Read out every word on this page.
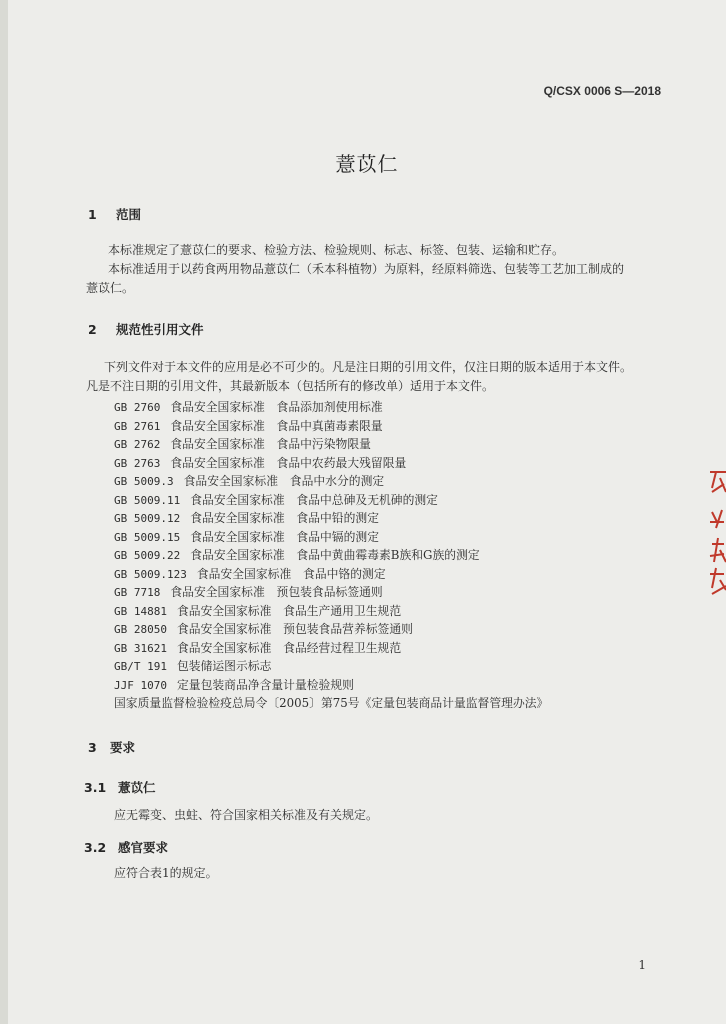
Q/CSX 0006 S—2018
薏苡仁
1 范围
本标准规定了薏苡仁的要求、检验方法、检验规则、标志、标签、包装、运输和贮存。
本标准适用于以药食两用物品薏苡仁（禾本科植物）为原料，经原料筛选、包装等工艺加工制成的
薏苡仁。
2 规范性引用文件
下列文件对于本文件的应用是必不可少的。凡是注日期的引用文件，仅注日期的版本适用于本文件。
凡是不注日期的引用文件，其最新版本（包括所有的修改单）适用于本文件。
GB 2760 食品安全国家标准　食品添加剂使用标准
GB 2761 食品安全国家标准　食品中真菌毒素限量
GB 2762 食品安全国家标准　食品中污染物限量
GB 2763 食品安全国家标准　食品中农药最大残留限量
GB 5009.3 食品安全国家标准　食品中水分的测定
GB 5009.11 食品安全国家标准　食品中总砷及无机砷的测定
GB 5009.12 食品安全国家标准　食品中铅的测定
GB 5009.15 食品安全国家标准　食品中镉的测定
GB 5009.22 食品安全国家标准　食品中黄曲霉毒素B族和G族的测定
GB 5009.123 食品安全国家标准　食品中铬的测定
GB 7718 食品安全国家标准　预包装食品标签通则
GB 14881 食品安全国家标准　食品生产通用卫生规范
GB 28050 食品安全国家标准　预包装食品营养标签通则
GB 31621 食品安全国家标准　食品经营过程卫生规范
GB/T 191 包装储运图示标志
JJF 1070 定量包装商品净含量计量检验规则
国家质量监督检验检疫总局令〔2005〕第75号《定量包装商品计量监督管理办法》
3 要求
3.1 薏苡仁
应无霉变、虫蛀、符合国家相关标准及有关规定。
3.2 感官要求
应符合表1的规定。
1
